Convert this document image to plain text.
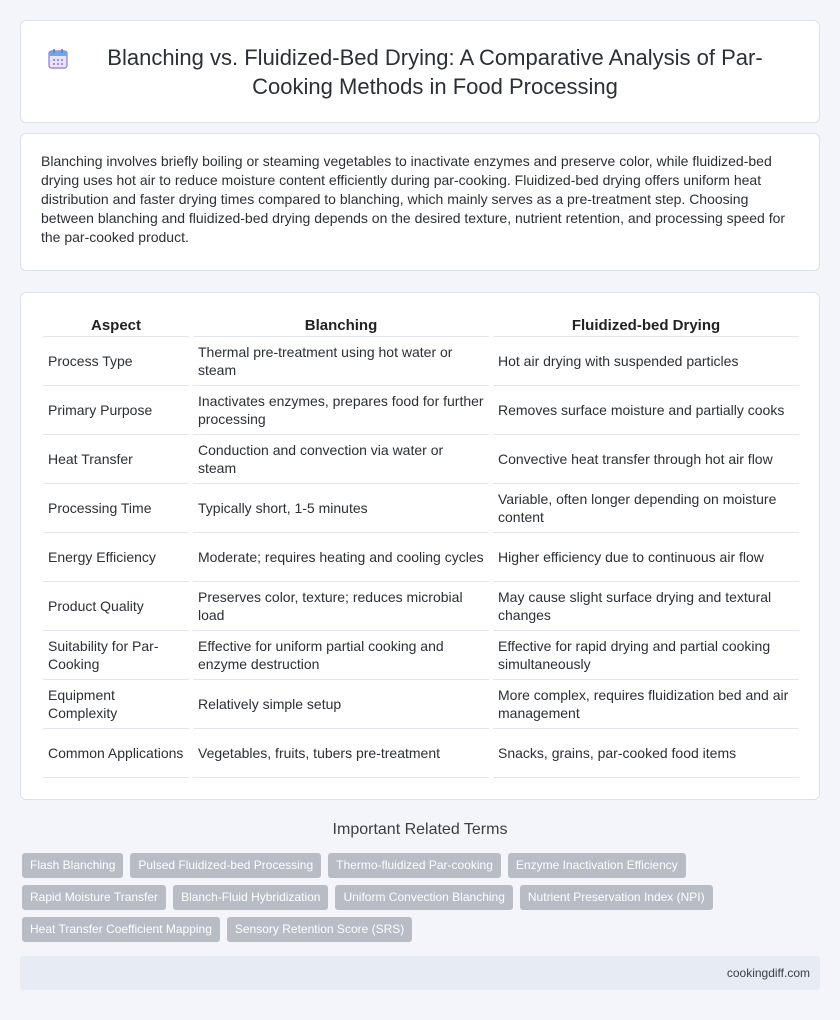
Blanching vs. Fluidized-Bed Drying: A Comparative Analysis of Par-Cooking Methods in Food Processing

Blanching involves briefly boiling or steaming vegetables to inactivate enzymes and preserve color, while fluidized-bed drying uses hot air to reduce moisture content efficiently during par-cooking. Fluidized-bed drying offers uniform heat distribution and faster drying times compared to blanching, which mainly serves as a pre-treatment step. Choosing between blanching and fluidized-bed drying depends on the desired texture, nutrient retention, and processing speed for the par-cooked product.

Aspect	Blanching	Fluidized-bed Drying
Process Type	Thermal pre-treatment using hot water or steam	Hot air drying with suspended particles
Primary Purpose	Inactivates enzymes, prepares food for further processing	Removes surface moisture and partially cooks
Heat Transfer	Conduction and convection via water or steam	Convective heat transfer through hot air flow
Processing Time	Typically short, 1-5 minutes	Variable, often longer depending on moisture content
Energy Efficiency	Moderate; requires heating and cooling cycles	Higher efficiency due to continuous air flow
Product Quality	Preserves color, texture; reduces microbial load	May cause slight surface drying and textural changes
Suitability for Par-Cooking	Effective for uniform partial cooking and enzyme destruction	Effective for rapid drying and partial cooking simultaneously
Equipment Complexity	Relatively simple setup	More complex, requires fluidization bed and air management
Common Applications	Vegetables, fruits, tubers pre-treatment	Snacks, grains, par-cooked food items
Important Related Terms
Flash Blanching	Pulsed Fluidized-bed Processing	Thermo-fluidized Par-cooking	Enzyme Inactivation Efficiency
Rapid Moisture Transfer	Blanch-Fluid Hybridization	Uniform Convection Blanching	Nutrient Preservation Index (NPI)
Heat Transfer Coefficient Mapping	Sensory Retention Score (SRS)
cookingdiff.com
